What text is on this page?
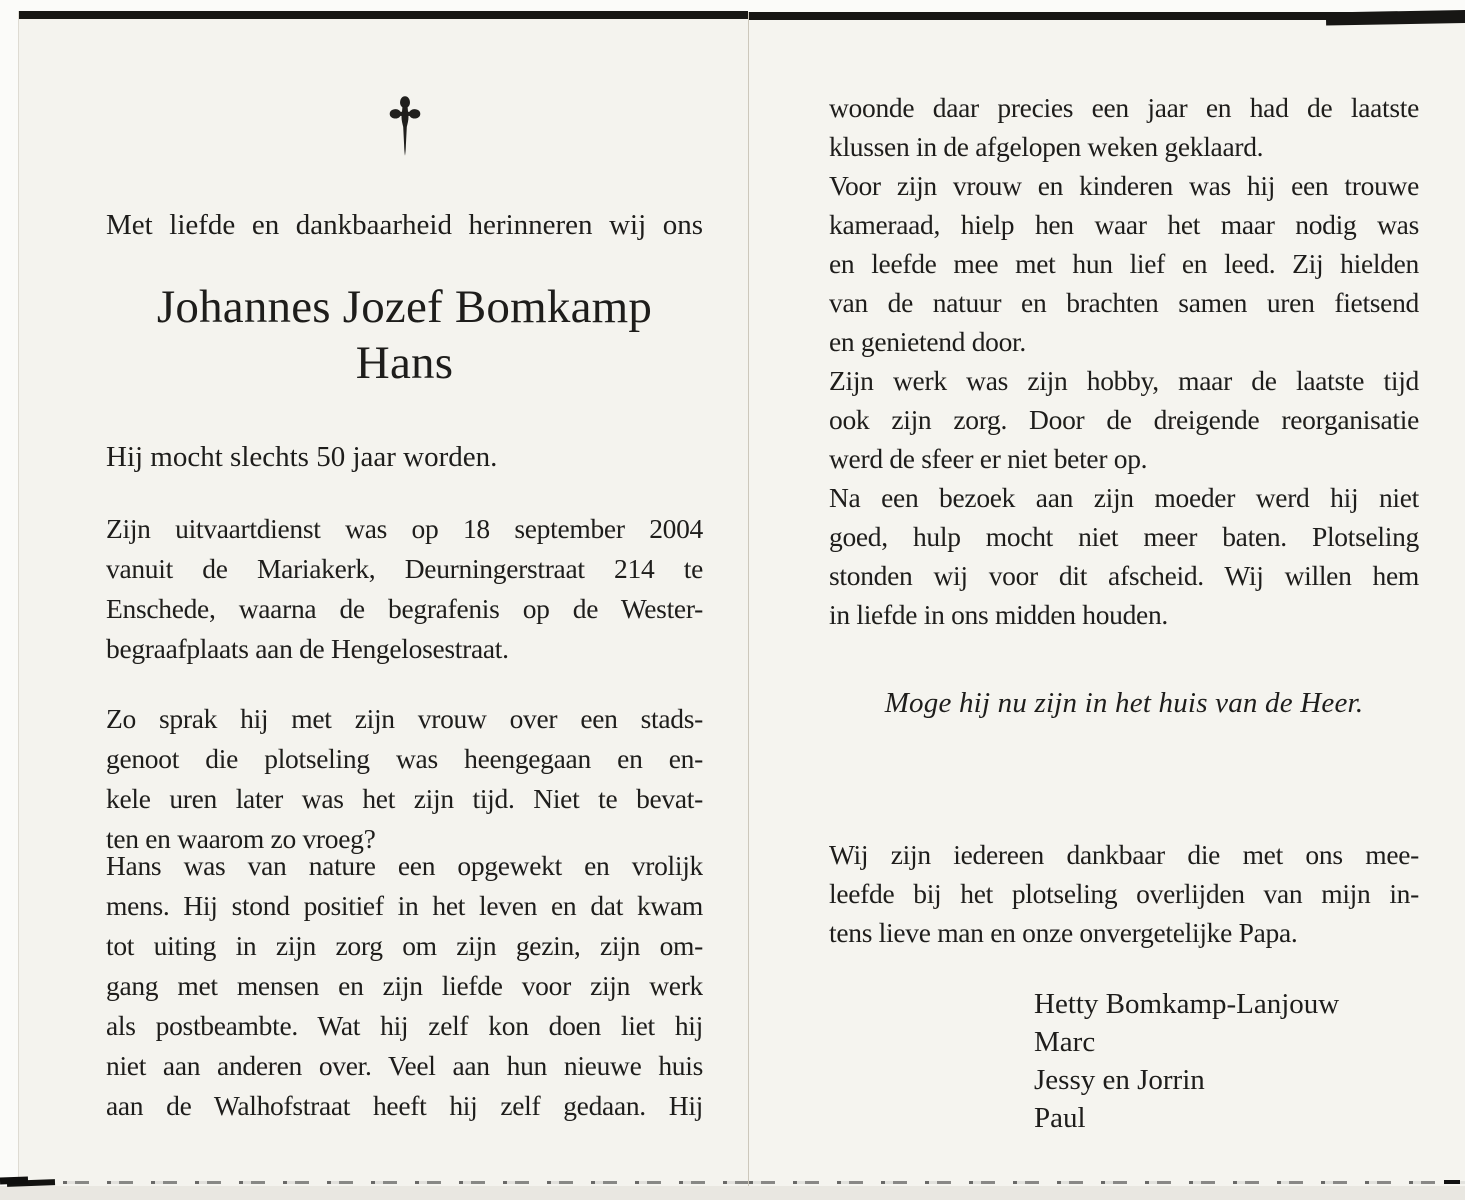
Met liefde en dankbaarheid herinneren wij ons
Johannes Jozef Bomkamp
Hans
Hij mocht slechts 50 jaar worden.
Zijn uitvaartdienst was op 18 september 2004
vanuit de Mariakerk, Deurningerstraat 214 te
Enschede, waarna de begrafenis op de Wester-
begraafplaats aan de Hengelosestraat.
Zo sprak hij met zijn vrouw over een stads-
genoot die plotseling was heengegaan en en-
kele uren later was het zijn tijd. Niet te bevat-
ten en waarom zo vroeg?
Hans was van nature een opgewekt en vrolijk
mens. Hij stond positief in het leven en dat kwam
tot uiting in zijn zorg om zijn gezin, zijn om-
gang met mensen en zijn liefde voor zijn werk
als postbeambte. Wat hij zelf kon doen liet hij
niet aan anderen over. Veel aan hun nieuwe huis
aan de Walhofstraat heeft hij zelf gedaan. Hij
woonde daar precies een jaar en had de laatste
klussen in de afgelopen weken geklaard.
Voor zijn vrouw en kinderen was hij een trouwe
kameraad, hielp hen waar het maar nodig was
en leefde mee met hun lief en leed. Zij hielden
van de natuur en brachten samen uren fietsend
en genietend door.
Zijn werk was zijn hobby, maar de laatste tijd
ook zijn zorg. Door de dreigende reorganisatie
werd de sfeer er niet beter op.
Na een bezoek aan zijn moeder werd hij niet
goed, hulp mocht niet meer baten. Plotseling
stonden wij voor dit afscheid. Wij willen hem
in liefde in ons midden houden.
Moge hij nu zijn in het huis van de Heer.
Wij zijn iedereen dankbaar die met ons mee-
leefde bij het plotseling overlijden van mijn in-
tens lieve man en onze onvergetelijke Papa.
Hetty Bomkamp-Lanjouw
Marc
Jessy en Jorrin
Paul
